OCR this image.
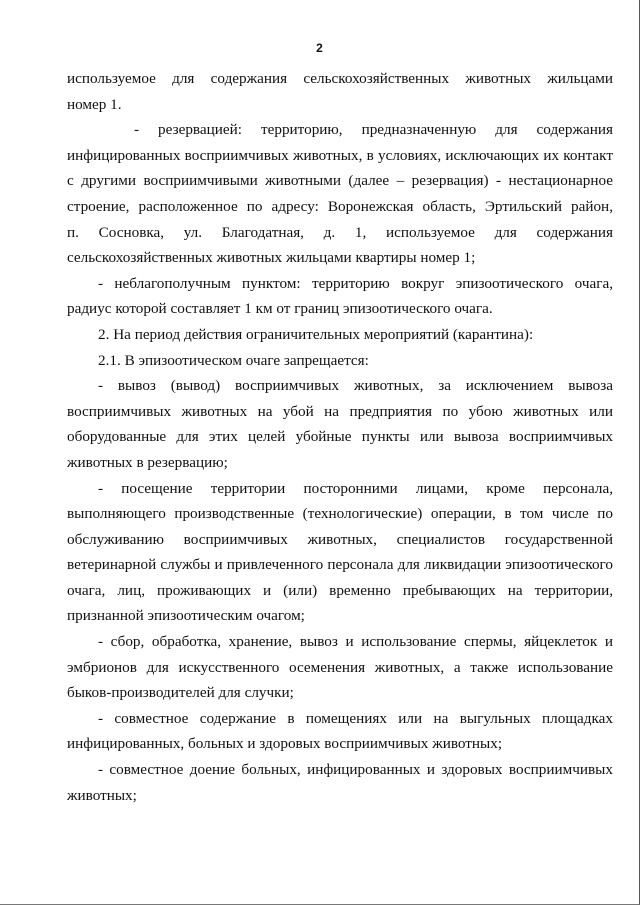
2
используемое для содержания сельскохозяйственных животных жильцами
номер 1.
- резервацией: территорию, предназначенную для содержания
инфицированных восприимчивых животных, в условиях, исключающих их контакт
с другими восприимчивыми животными (далее – резервация) - нестационарное
строение, расположенное по адресу: Воронежская область, Эртильский район,
п. Сосновка, ул. Благодатная, д. 1, используемое для содержания
сельскохозяйственных животных жильцами квартиры номер 1;
- неблагополучным пунктом: территорию вокруг эпизоотического очага,
радиус которой составляет 1 км от границ эпизоотического очага.
2. На период действия ограничительных мероприятий (карантина):
2.1. В эпизоотическом очаге запрещается:
- вывоз (вывод) восприимчивых животных, за исключением вывоза
восприимчивых животных на убой на предприятия по убою животных или
оборудованные для этих целей убойные пункты или вывоза восприимчивых
животных в резервацию;
- посещение территории посторонними лицами, кроме персонала,
выполняющего производственные (технологические) операции, в том числе по
обслуживанию восприимчивых животных, специалистов государственной
ветеринарной службы и привлеченного персонала для ликвидации эпизоотического
очага, лиц, проживающих и (или) временно пребывающих на территории,
признанной эпизоотическим очагом;
- сбор, обработка, хранение, вывоз и использование спермы, яйцеклеток и
эмбрионов для искусственного осеменения животных, а также использование
быков-производителей для случки;
- совместное содержание в помещениях или на выгульных площадках
инфицированных, больных и здоровых восприимчивых животных;
- совместное доение больных, инфицированных и здоровых восприимчивых
животных;
